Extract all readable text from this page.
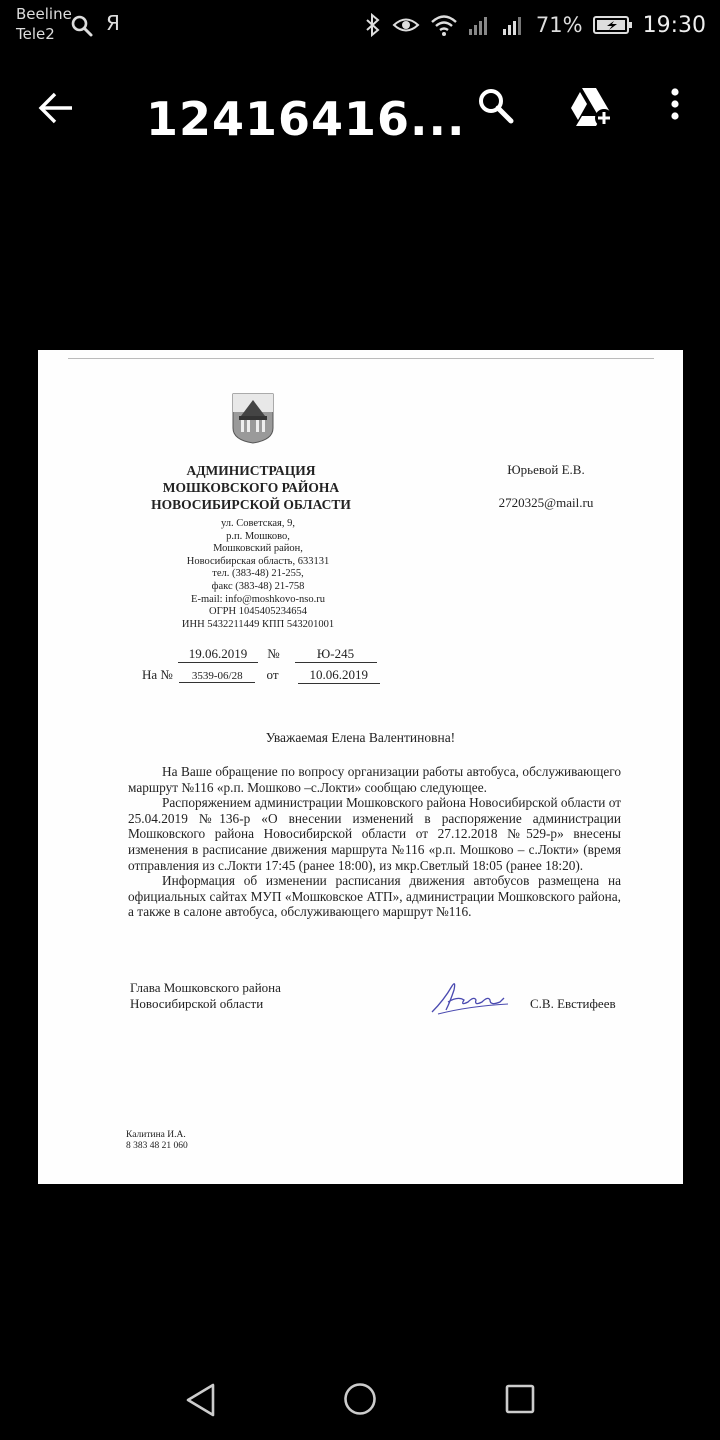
Beeline
Tele2	Я	71%	19:30
12416416...
АДМИНИСТРАЦИЯ
МОШКОВСКОГО РАЙОНА
НОВОСИБИРСКОЙ ОБЛАСТИ
ул. Советская, 9,
р.п. Мошково,
Мошковский район,
Новосибирская область, 633131
тел. (383-48) 21-255,
факс (383-48) 21-758
E-mail: info@moshkovo-nso.ru
ОГРН 1045405234654
ИНН 5432211449 КПП 543201001
Юрьевой Е.В.
2720325@mail.ru
19.06.2019 №	Ю-245
На № 3539-06/28 от 10.06.2019
Уважаемая Елена Валентиновна!

На Ваше обращение по вопросу организации работы автобуса, обслуживающего маршрут №116 «р.п. Мошково –с.Локти» сообщаю следующее.

Распоряжением администрации Мошковского района Новосибирской области от 25.04.2019 №136-р «О внесении изменений в распоряжение администрации Мошковского района Новосибирской области от 27.12.2018 №529-р» внесены изменения в расписание движения маршрута №116 «р.п. Мошково – с.Локти» (время отправления из с.Локти 17:45 (ранее 18:00), из мкр.Светлый 18:05 (ранее 18:20).

Информация об изменении расписания движения автобусов размещена на официальных сайтах МУП «Мошковское АТП», администрации Мошковского района, а также в салоне автобуса, обслуживающего маршрут №116.

Глава Мошковского района
Новосибирской области	С.В. Евстифеев
Калитина И.А.
8 383 48 21 060
